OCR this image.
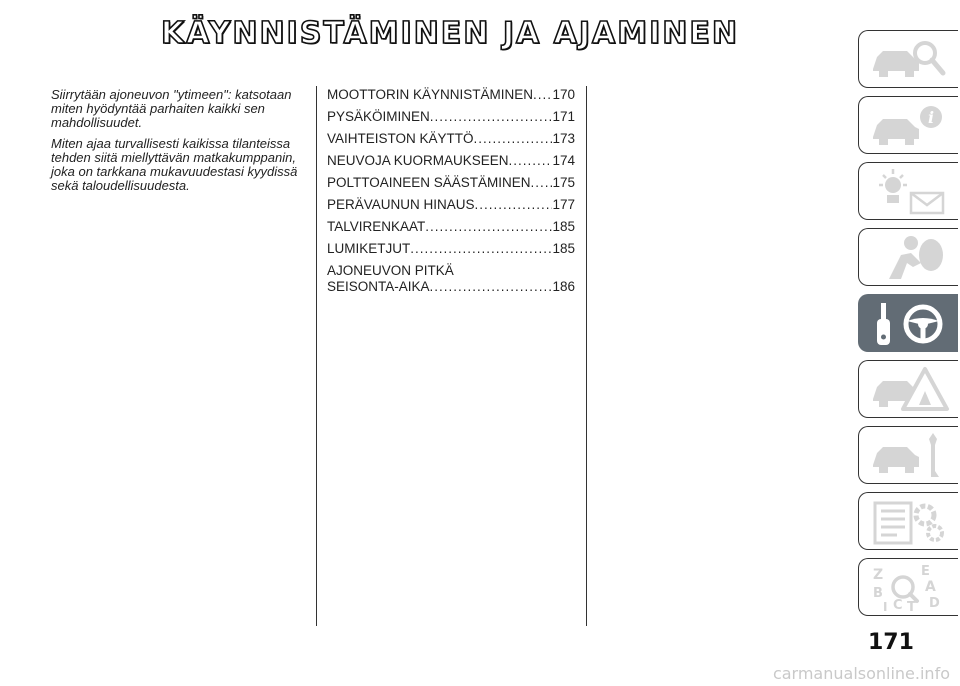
KÄYNNISTÄMINEN JA AJAMINEN

Siirrytään ajoneuvon "ytimeen": katsotaan miten hyödyntää parhaiten kaikki sen mahdollisuudet.

Miten ajaa turvallisesti kaikissa tilanteissa tehden siitä miellyttävän matkakumppanin, joka on tarkkana mukavuudestasi kyydissä sekä taloudellisuudesta.

MOOTTORIN KÄYNNISTÄMINEN ..... 170
PYSÄKÖIMINEN .....	171
VAIHTEISTON KÄYTTÖ .....	173
NEUVOJA KUORMAUKSEEN .....	174
POLTTOAINEEN SÄÄSTÄMINEN ..... 175
PERÄVAUNUN HINAUS .....	177
TALVIRENKAAT .....	185
LUMIKETJUT .....	185
AJONEUVON PITKÄ
SEISONTA-AIKA .....	186
i
Z	E
A
B
C T D
I
171
carmanualsonline.info
